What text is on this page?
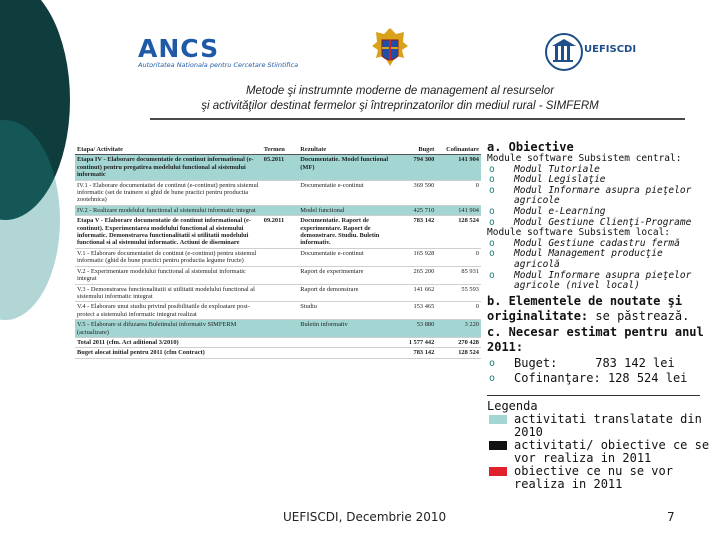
ANCS
Autoritatea Nationala pentru Cercetare Stiintifica
UEFISCDI
Metode şi instrumnte moderne de management al resurselor
şi activităţilor destinat fermelor şi întreprinzatorilor din mediul rural - SIMFERM
Etapa/ Activitate	Termen	Rezultate	Buget	Cofinantare
Etapa IV - Elaborare documentatie de continut informational (e-continut) pentru pregatirea modelului functional al sistemului informatic	05.2011	Documentatie. Model functional (MF)	794 300	141 904
IV.1 - Elaborare documentatiei de continut (e-continut) pentru sistemul informatic (set de trainere si ghid de bune practici pentru productia zootehnica)		Documentatie e-continut	369 590	0
IV.2 - Realizare modelului functional al sistemului informatic integrat		Model functional	425 710	141 904
Etapa V - Elaborare documentatie de continut informational (e-continut). Experimentarea modelului functional al sistemului informatic. Demonstrarea functionalitatii si utilitatii modelului functional si al sistemului informatic. Actiuni de diseminare	09.2011	Documentatie. Raport de experimentare. Raport de demonstrare. Studiu. Buletin informativ.	783 142	128 524
V.1 - Elaborare documentatiei de continut (e-continut) pentru sistemul informatic (ghid de bune practici pentru productia legume fructe)		Documentatie e-continut	165 928	0
V.2 - Experimentare modelului functional al sistemului informatic integrat		Raport de experimentare	265 200	85 931
V.3 - Demonstrarea functionalitatii si utilitatii modelului functional al sistemului informatic integrat		Raport de demonstrare	141 662	55 593
V.4 - Elaborare unui studiu privind posibilitatile de exploatare post-proiect a sistemului informatic integrat realizat		Studiu	153 465	0
V.5 - Elaborare si difuzarea Buletinului informativ SIMFERM (actualizare)		Buletin informativ	53 880	3 220
Total 2011 (cfm. Act aditional 3/2010)			1 577 442	270 428
Buget alocat initial pentru 2011 (cfm Contract)			783 142	128 524
a. Obiective
Module software Subsistem central:
o Modul Tutoriale
o Modul Legislaţie
o Modul Informare asupra pieţelor agricole
o Modul e-Learning
o Modul Gestiune Clienţi-Programe
Module software Subsistem local:
o Modul Gestiune cadastru fermă
o Modul Management producţie agricolă
o Modul Informare asupra pieţelor agricole (nivel local)
b. Elementele de noutate şi originalitate: se păstrează.
c. Necesar estimat pentru anul 2011:
o Buget:	783 142 lei
o Cofinanţare: 128 524 lei
Legenda
activitati translatate din 2010
activitati/ obiective ce se vor realiza in 2011
obiective ce nu se vor realiza in 2011
UEFISCDI, Decembrie 2010	7
